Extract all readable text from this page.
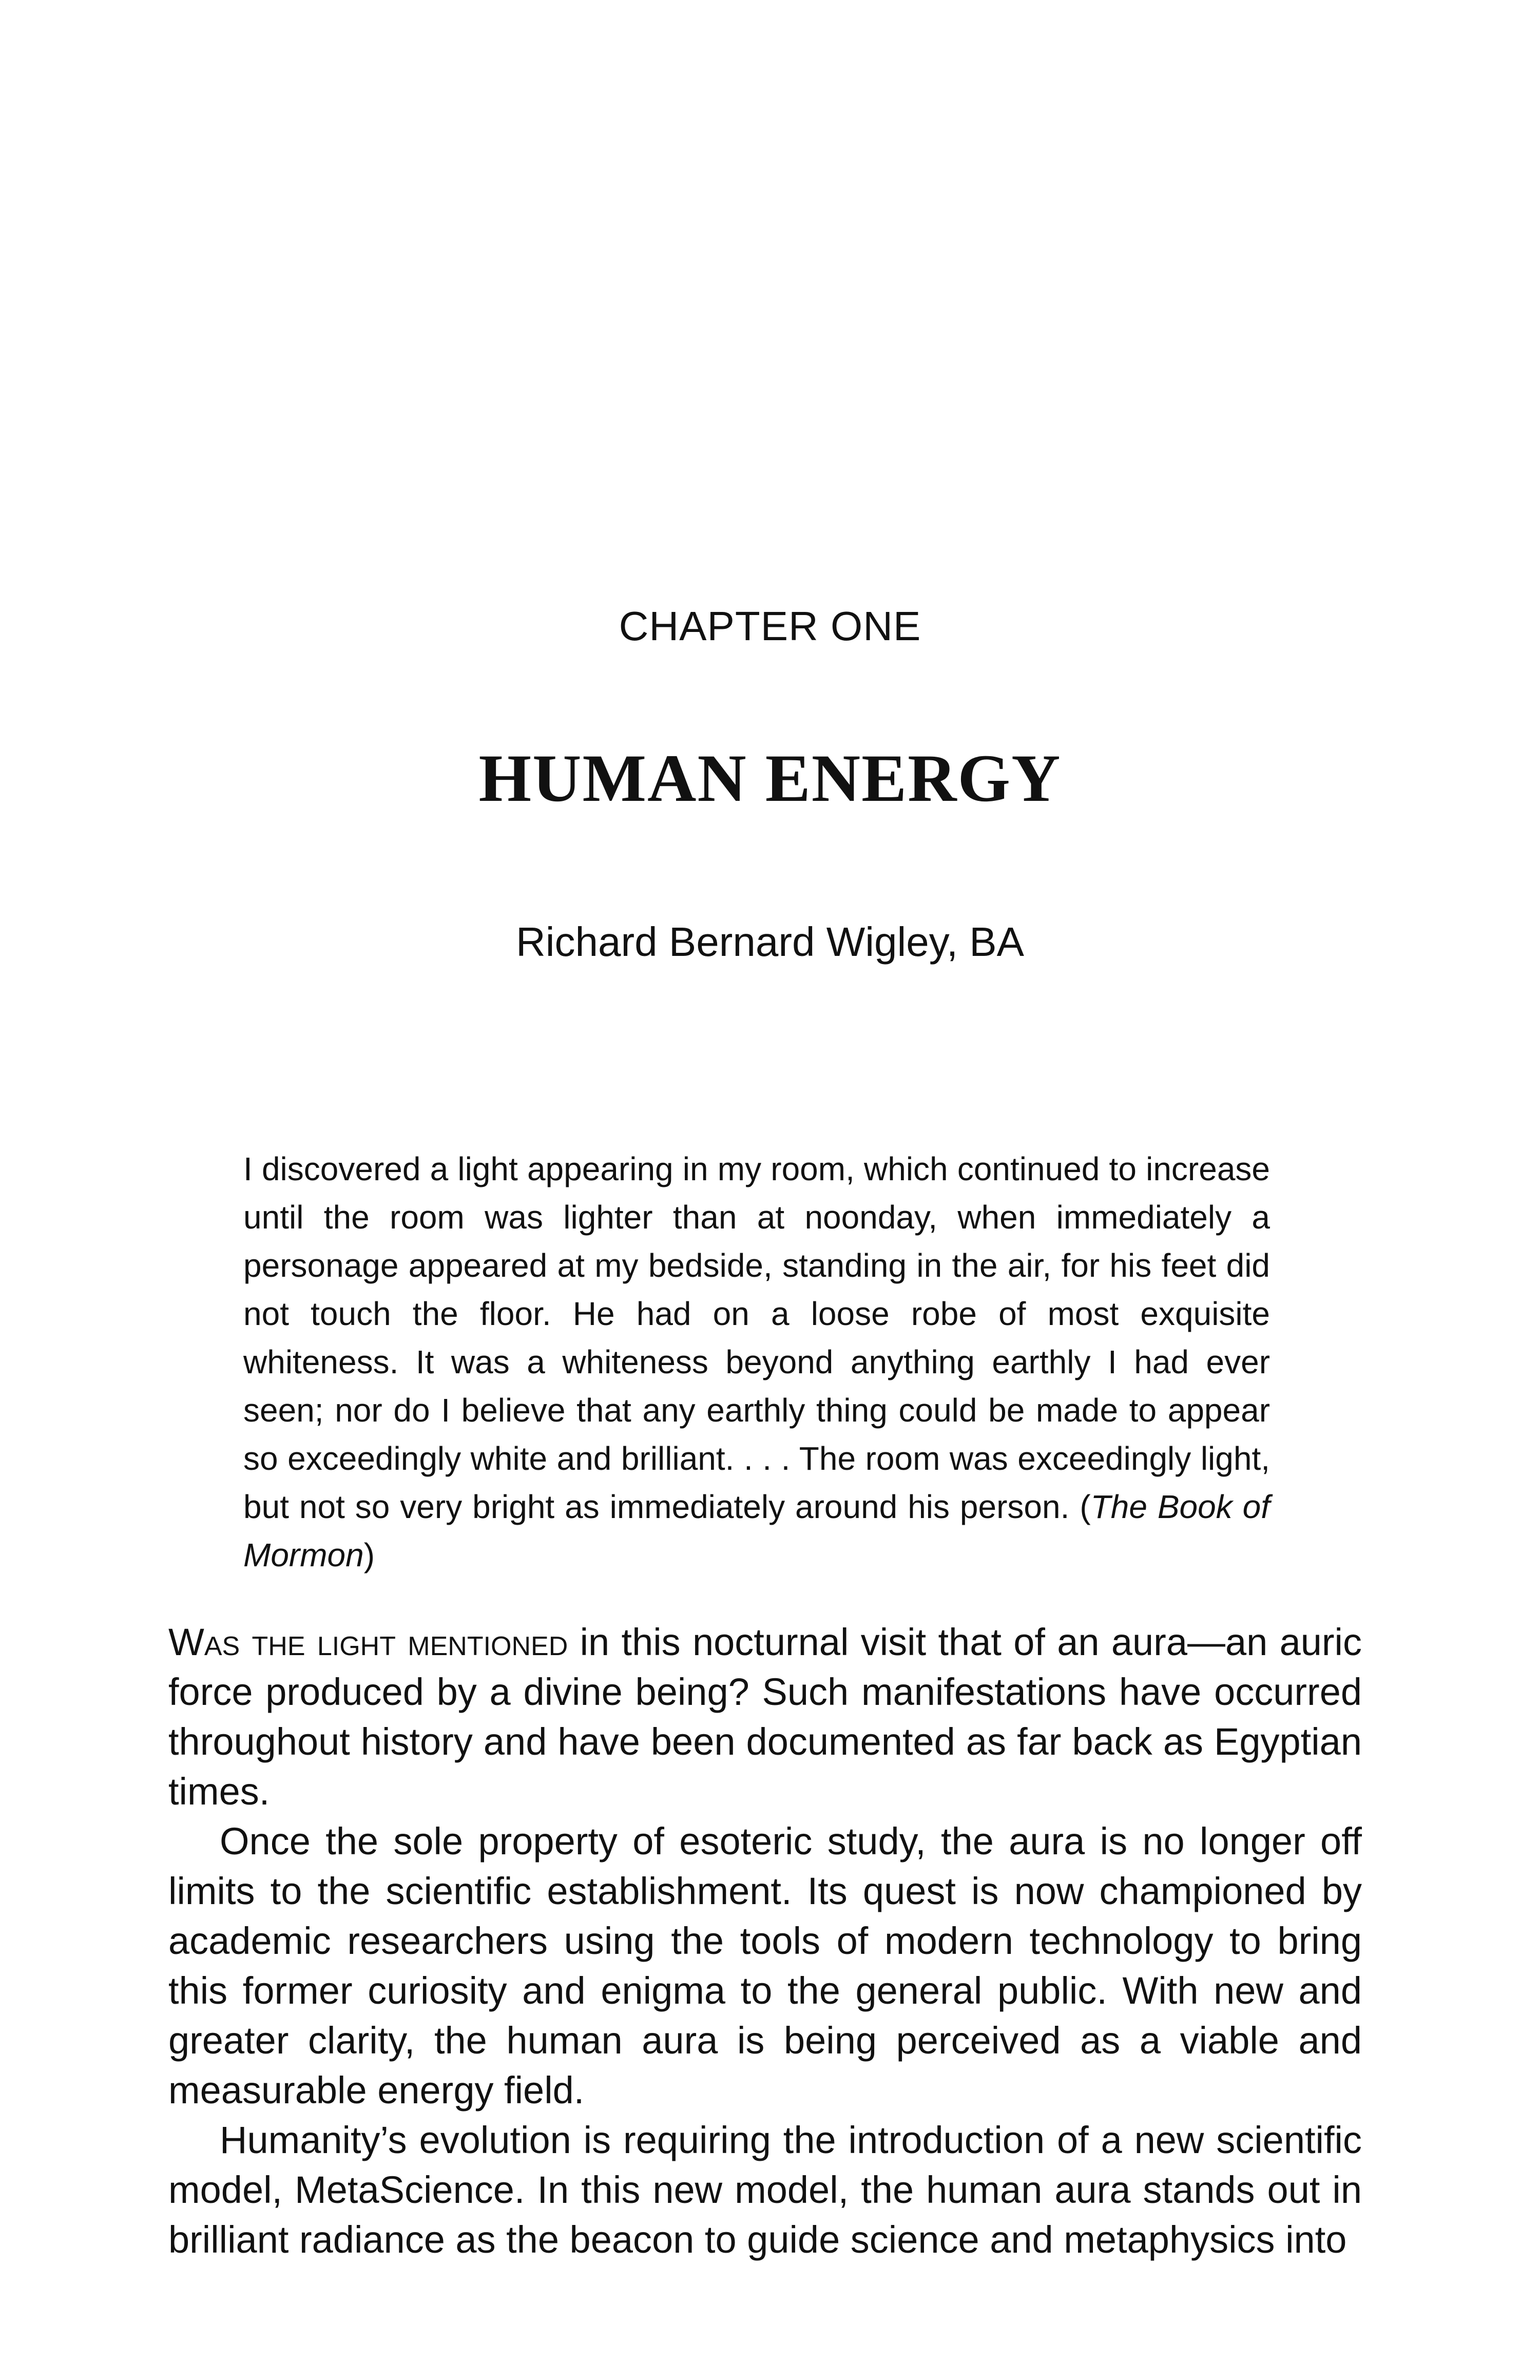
CHAPTER ONE
HUMAN ENERGY
Richard Bernard Wigley, BA
I discovered a light appearing in my room, which continued to increase until the room was lighter than at noonday, when immediately a personage appeared at my bedside, standing in the air, for his feet did not touch the floor. He had on a loose robe of most exquisite whiteness. It was a whiteness beyond anything earthly I had ever seen; nor do I believe that any earthly thing could be made to appear so exceedingly white and brilliant. . . . The room was exceedingly light, but not so very bright as immediately around his person. (The Book of Mormon)

Was the light mentioned in this nocturnal visit that of an aura—an auric force produced by a divine being? Such manifestations have occurred throughout history and have been documented as far back as Egyptian times.

Once the sole property of esoteric study, the aura is no longer off limits to the scientific establishment. Its quest is now championed by academic researchers using the tools of modern technology to bring this former curiosity and enigma to the general public. With new and greater clarity, the human aura is being perceived as a viable and measurable energy field.

Humanity’s evolution is requiring the introduction of a new scientific model, MetaScience. In this new model, the human aura stands out in brilliant radiance as the beacon to guide science and metaphysics into
